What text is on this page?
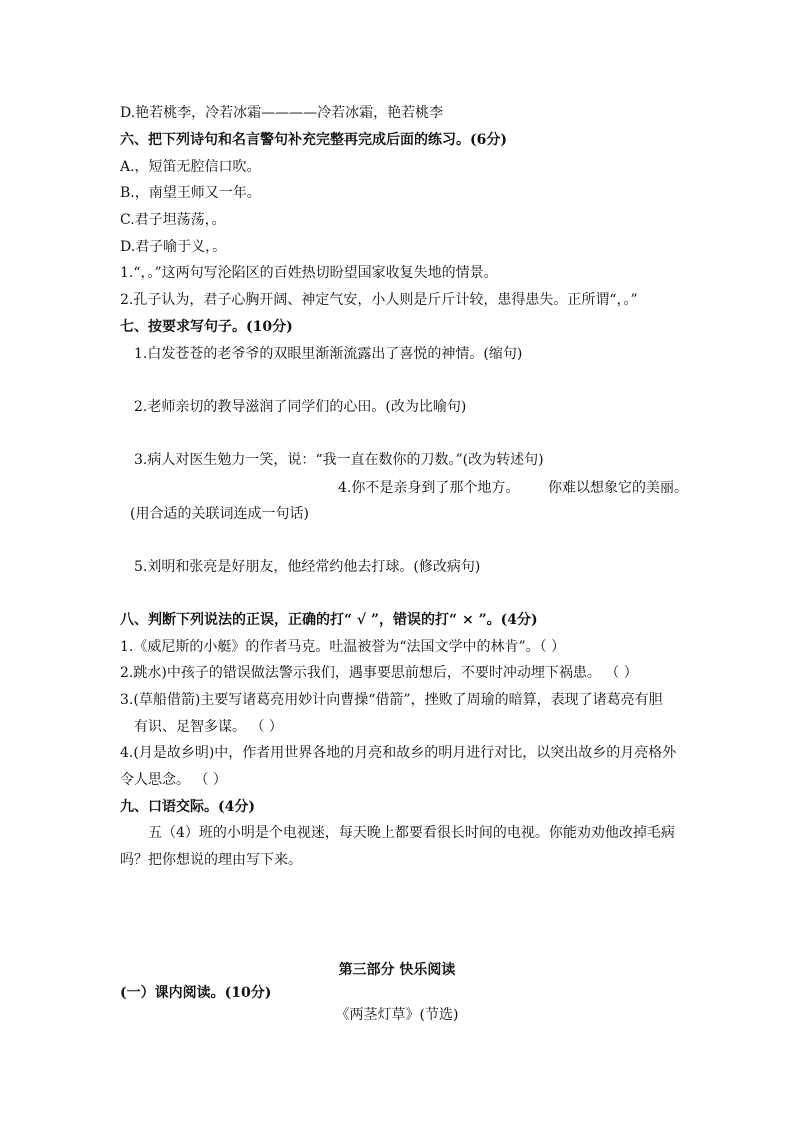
D.艳若桃李，冷若冰霜————冷若冰霜，艳若桃李
六、把下列诗句和名言警句补充完整再完成后面的练习。(6分)
A.，短笛无腔信口吹。
B.，南望王师又一年。
C.君子坦荡荡，。
D.君子喻于义，。
1.“，。”这两句写沦陷区的百姓热切盼望国家收复失地的情景。
2.孔子认为，君子心胸开阔、神定气安，小人则是斤斤计较，患得患失。正所谓“，。”
七、按要求写句子。(10分)
1.白发苍苍的老爷爷的双眼里渐渐流露出了喜悦的神情。(缩句)
2.老师亲切的教导滋润了同学们的心田。(改为比喻句)
3.病人对医生勉力一笑，说：“我一直在数你的刀数。”(改为转述句)
4.你不是亲身到了那个地方。 你难以想象它的美丽。
(用合适的关联词连成一句话)
5.刘明和张亮是好朋友，他经常约他去打球。(修改病句)
八、判断下列说法的正误，正确的打“ √ ”，错误的打“ × ”。(4分)
1.《威尼斯的小艇》的作者马克。吐温被誉为“法国文学中的林肯”。（ ）
2.跳水)中孩子的错误做法警示我们，遇事要思前想后，不要时冲动埋下祸患。 （ ）
3.(草船借箭)主要写诸葛亮用妙计向曹操“借箭”，挫败了周瑜的暗算，表现了诸葛亮有胆
有识、足智多谋。 （ ）
4.(月是故乡明)中，作者用世界各地的月亮和故乡的明月进行对比，以突出故乡的月亮格外
令人思念。 （ ）
九、口语交际。(4分)
五（4）班的小明是个电视迷，每天晚上都要看很长时间的电视。你能劝劝他改掉毛病
吗？把你想说的理由写下来。
第三部分 快乐阅读
(一）课内阅读。(10分)
《两茎灯草》(节选)
